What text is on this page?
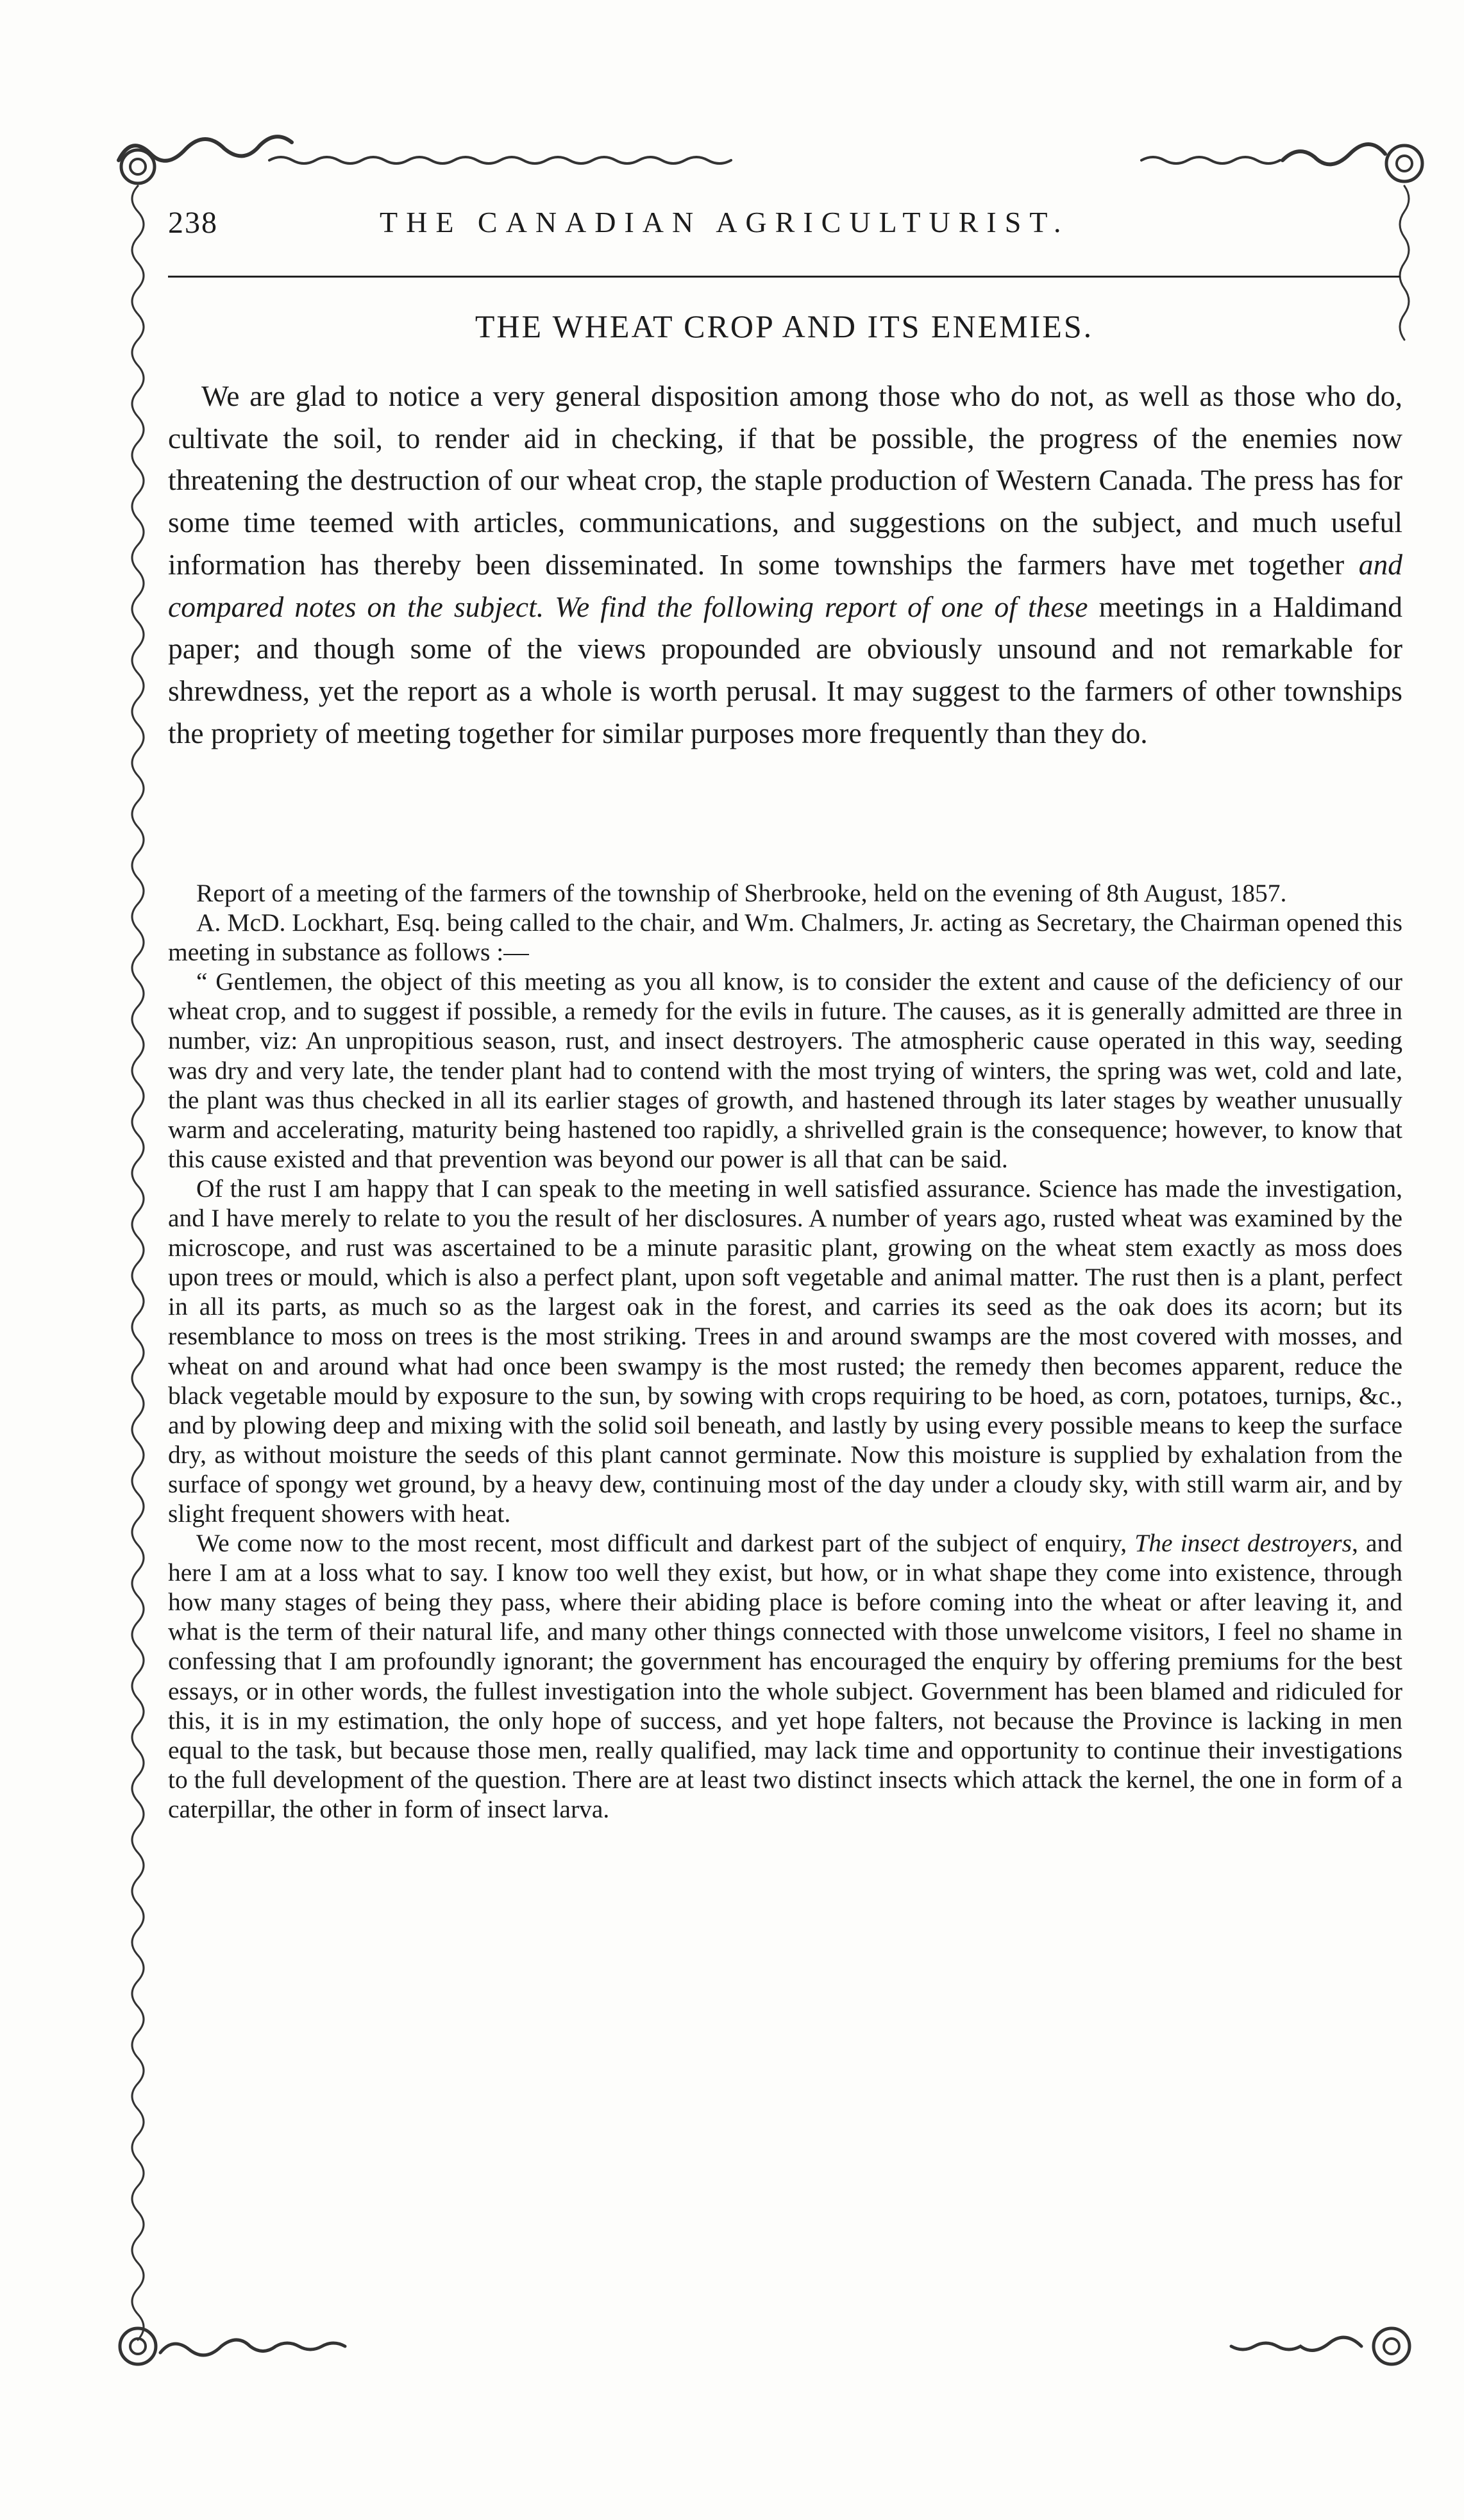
238	THE CANADIAN AGRICULTURIST.
THE WHEAT CROP AND ITS ENEMIES.

We are glad to notice a very general disposition among those who do not, as well as those who do, cultivate the soil, to render aid in checking, if that be possible, the progress of the enemies now threatening the destruction of our wheat crop, the staple production of Western Canada. The press has for some time teemed with articles, communications, and suggestions on the subject, and much useful information has thereby been disseminated. In some townships the farmers have met together and compared notes on the subject. We find the following report of one of these meetings in a Haldimand paper; and though some of the views propounded are obviously unsound and not remarkable for shrewdness, yet the report as a whole is worth perusal. It may suggest to the farmers of other townships the propriety of meeting together for similar purposes more frequently than they do.

Report of a meeting of the farmers of the township of Sherbrooke, held on the evening of 8th August, 1857.

A. McD. Lockhart, Esq. being called to the chair, and Wm. Chalmers, Jr. acting as Secretary, the Chairman opened this meeting in substance as follows :—

“ Gentlemen, the object of this meeting as you all know, is to consider the extent and cause of the deficiency of our wheat crop, and to suggest if possible, a remedy for the evils in future. The causes, as it is generally admitted are three in number, viz: An unpropitious season, rust, and insect destroyers. The atmospheric cause operated in this way, seeding was dry and very late, the tender plant had to contend with the most trying of winters, the spring was wet, cold and late, the plant was thus checked in all its earlier stages of growth, and hastened through its later stages by weather unusually warm and accelerating, maturity being hastened too rapidly, a shrivelled grain is the consequence; however, to know that this cause existed and that prevention was beyond our power is all that can be said.

Of the rust I am happy that I can speak to the meeting in well satisfied assurance. Science has made the investigation, and I have merely to relate to you the result of her disclosures. A number of years ago, rusted wheat was examined by the microscope, and rust was ascertained to be a minute parasitic plant, growing on the wheat stem exactly as moss does upon trees or mould, which is also a perfect plant, upon soft vegetable and animal matter. The rust then is a plant, perfect in all its parts, as much so as the largest oak in the forest, and carries its seed as the oak does its acorn; but its resemblance to moss on trees is the most striking. Trees in and around swamps are the most covered with mosses, and wheat on and around what had once been swampy is the most rusted; the remedy then becomes apparent, reduce the black vegetable mould by exposure to the sun, by sowing with crops requiring to be hoed, as corn, potatoes, turnips, &c., and by plowing deep and mixing with the solid soil beneath, and lastly by using every possible means to keep the surface dry, as without moisture the seeds of this plant cannot germinate. Now this moisture is supplied by exhalation from the surface of spongy wet ground, by a heavy dew, continuing most of the day under a cloudy sky, with still warm air, and by slight frequent showers with heat.

We come now to the most recent, most difficult and darkest part of the subject of enquiry, The insect destroyers, and here I am at a loss what to say. I know too well they exist, but how, or in what shape they come into existence, through how many stages of being they pass, where their abiding place is before coming into the wheat or after leaving it, and what is the term of their natural life, and many other things connected with those unwelcome visitors, I feel no shame in confessing that I am profoundly ignorant; the government has encouraged the enquiry by offering premiums for the best essays, or in other words, the fullest investigation into the whole subject. Government has been blamed and ridiculed for this, it is in my estimation, the only hope of success, and yet hope falters, not because the Province is lacking in men equal to the task, but because those men, really qualified, may lack time and opportunity to continue their investigations to the full development of the question. There are at least two distinct insects which attack the kernel, the one in form of a caterpillar, the other in form of insect larva.
